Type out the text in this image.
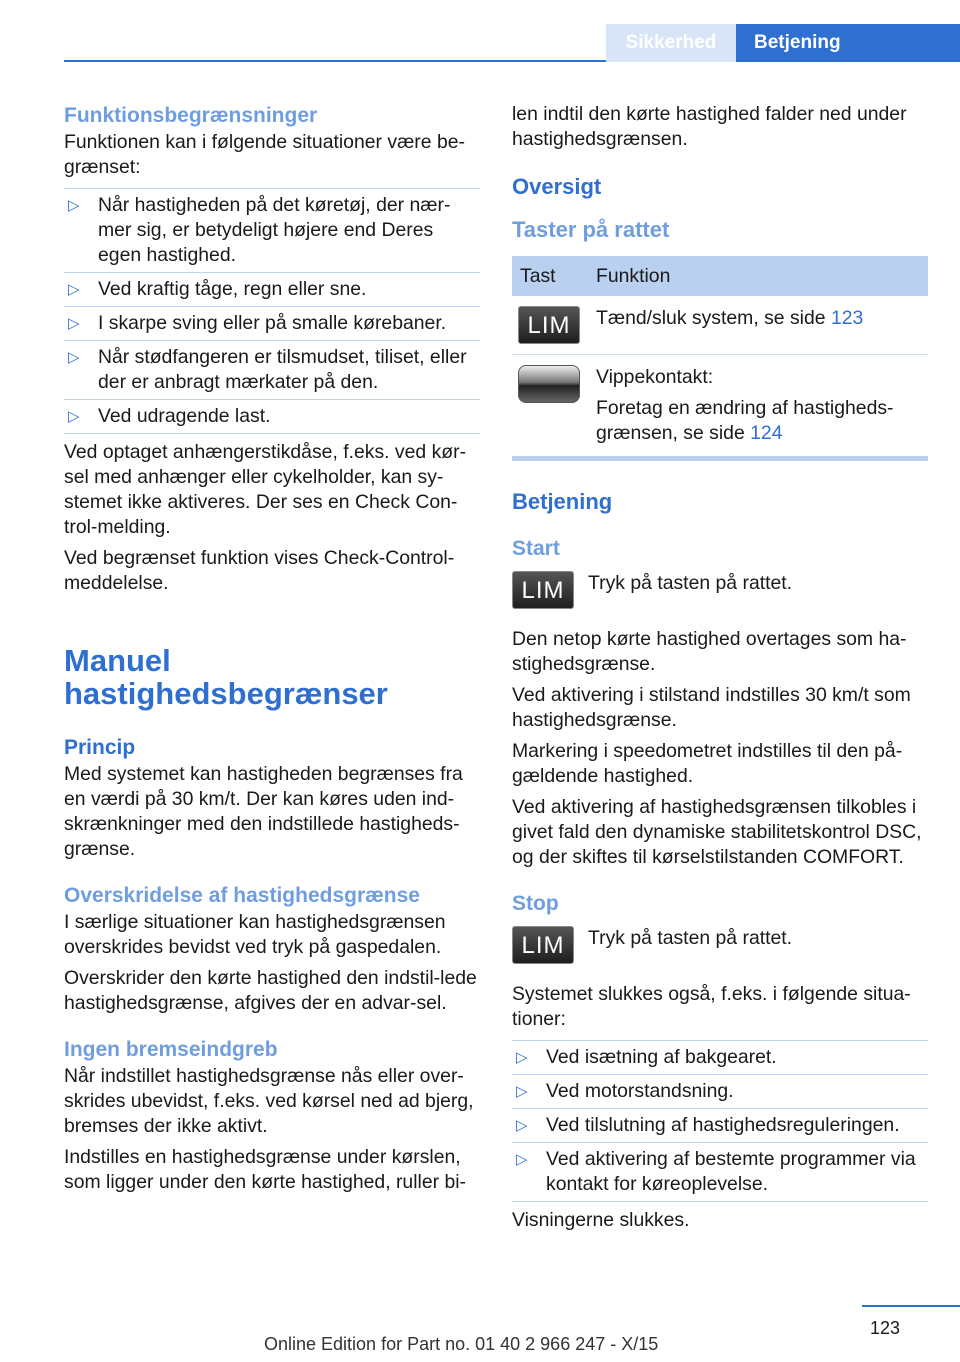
Sikkerhed	Betjening
Funktionsbegrænsninger

Funktionen kan i følgende situationer være be‐grænset:

▷ Når hastigheden på det køretøj, der nær‐mer sig, er betydeligt højere end Deres egen hastighed.
▷ Ved kraftig tåge, regn eller sne.
▷ I skarpe sving eller på smalle kørebaner.
▷ Når stødfangeren er tilsmudset, tiliset, eller der er anbragt mærkater på den.
▷ Ved udragende last.

Ved optaget anhængerstikdåse, f.eks. ved kør‐sel med anhænger eller cykelholder, kan sy‐stemet ikke aktiveres. Der ses en Check Con‐trol-melding.

Ved begrænset funktion vises Check-Control-meddelelse.

Manuel
hastighedsbegrænser
Princip

Med systemet kan hastigheden begrænses fra en værdi på 30 km/t. Der kan køres uden ind‐skrænkninger med den indstillede hastigheds‐grænse.

Overskridelse af hastighedsgrænse

I særlige situationer kan hastighedsgrænsen overskrides bevidst ved tryk på gaspedalen.

Overskrider den kørte hastighed den indstil‐lede hastighedsgrænse, afgives der en advar‐sel.

Ingen bremseindgreb

Når indstillet hastighedsgrænse nås eller over‐skrides ubevidst, f.eks. ved kørsel ned ad bjerg, bremses der ikke aktivt.

Indstilles en hastighedsgrænse under kørslen, som ligger under den kørte hastighed, ruller bi‐

len indtil den kørte hastighed falder ned under hastighedsgrænsen.

Oversigt
Taster på rattet
Tast	Funktion

LIM	Tænd/sluk system, se side 123

	Vippekontakt:
Foretag en ændring af hastigheds‐grænsen, se side 124
Betjening
Start
LIM	Tryk på tasten på rattet.

Den netop kørte hastighed overtages som ha‐stighedsgrænse.

Ved aktivering i stilstand indstilles 30 km/t som hastighedsgrænse.

Markering i speedometret indstilles til den på‐gældende hastighed.

Ved aktivering af hastighedsgrænsen tilkobles i givet fald den dynamiske stabilitetskontrol DSC, og der skiftes til kørselstilstanden COMFORT.

Stop
LIM	Tryk på tasten på rattet.

Systemet slukkes også, f.eks. i følgende situa‐tioner:

▷ Ved isætning af bakgearet.
▷ Ved motorstandsning.
▷ Ved tilslutning af hastighedsreguleringen.
▷ Ved aktivering af bestemte programmer via kontakt for køreoplevelse.

Visningerne slukkes.

123
Online Edition for Part no. 01 40 2 966 247 - X/15
